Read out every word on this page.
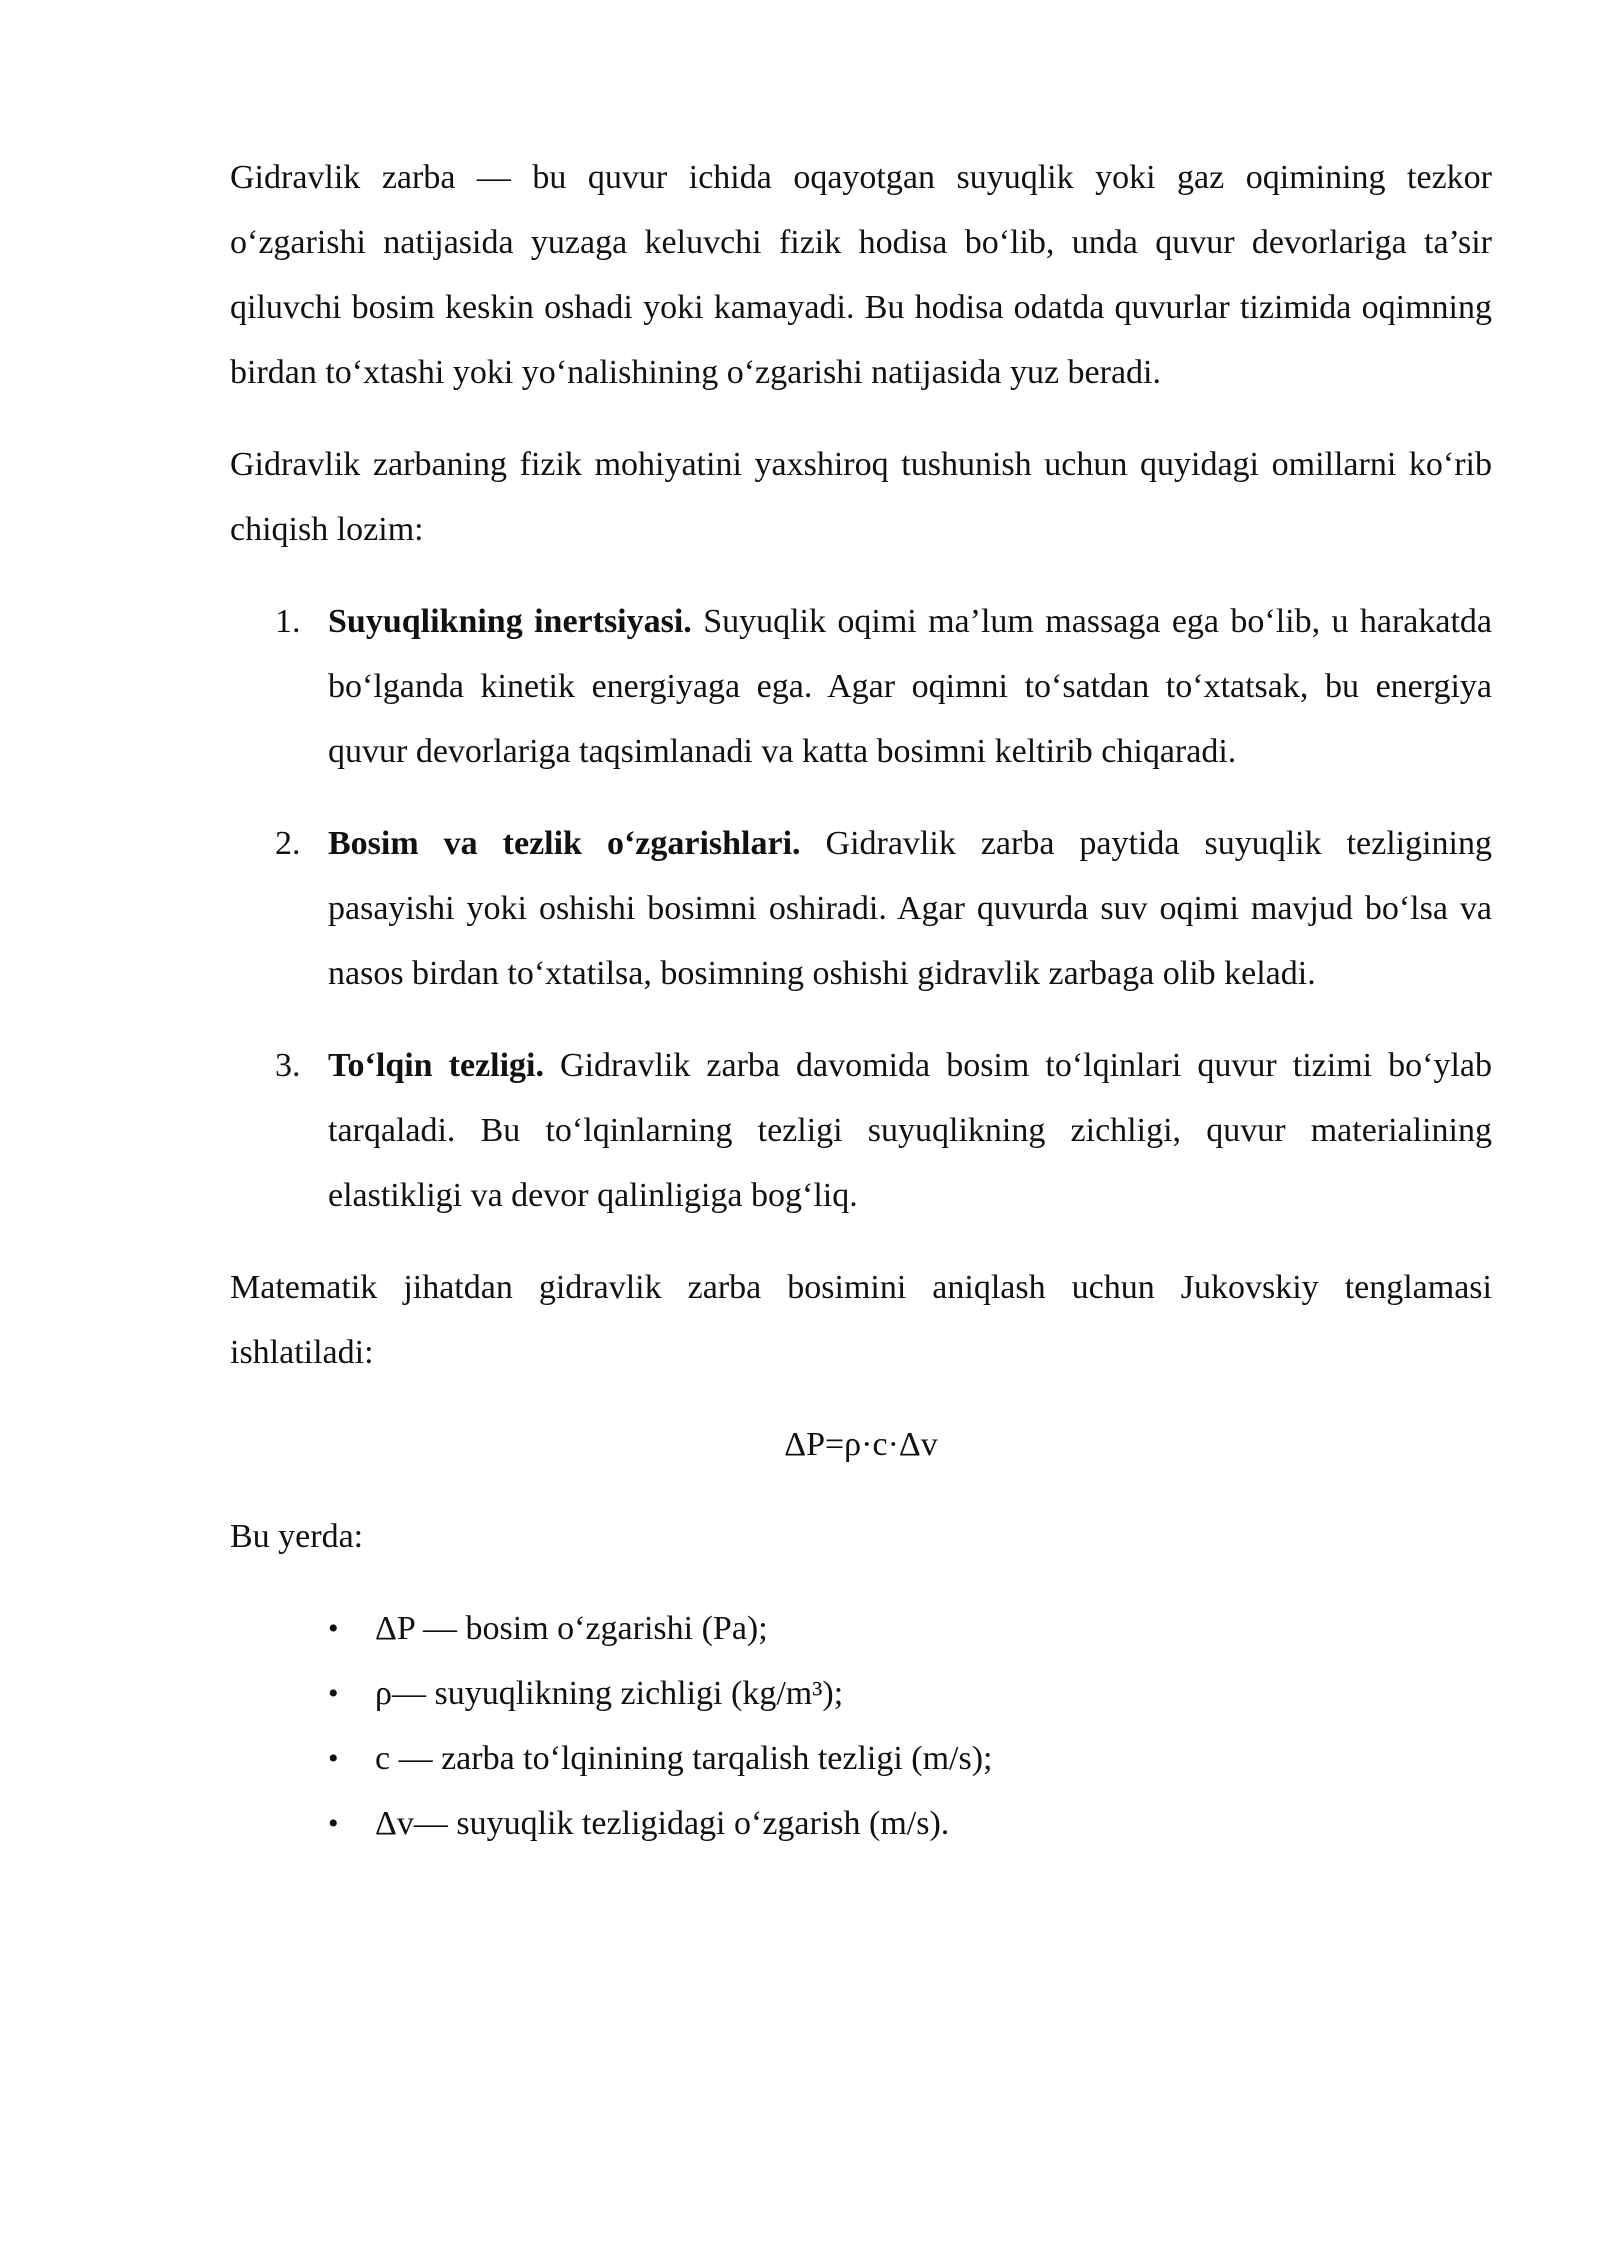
Gidravlik zarba — bu quvur ichida oqayotgan suyuqlik yoki gaz oqimining tezkor o‘zgarishi natijasida yuzaga keluvchi fizik hodisa bo‘lib, unda quvur devorlariga ta’sir qiluvchi bosim keskin oshadi yoki kamayadi. Bu hodisa odatda quvurlar tizimida oqimning birdan to‘xtashi yoki yo‘nalishining o‘zgarishi natijasida yuz beradi.

Gidravlik zarbaning fizik mohiyatini yaxshiroq tushunish uchun quyidagi omillarni ko‘rib chiqish lozim:

1. Suyuqlikning inertsiyasi. Suyuqlik oqimi ma’lum massaga ega bo‘lib, u harakatda bo‘lganda kinetik energiyaga ega. Agar oqimni to‘satdan to‘xtatsak, bu energiya quvur devorlariga taqsimlanadi va katta bosimni keltirib chiqaradi.
2. Bosim va tezlik o‘zgarishlari. Gidravlik zarba paytida suyuqlik tezligining pasayishi yoki oshishi bosimni oshiradi. Agar quvurda suv oqimi mavjud bo‘lsa va nasos birdan to‘xtatilsa, bosimning oshishi gidravlik zarbaga olib keladi.
3. To‘lqin tezligi. Gidravlik zarba davomida bosim to‘lqinlari quvur tizimi bo‘ylab tarqaladi. Bu to‘lqinlarning tezligi suyuqlikning zichligi, quvur materialining elastikligi va devor qalinligiga bog‘liq.

Matematik jihatdan gidravlik zarba bosimini aniqlash uchun Jukovskiy tenglamasi ishlatiladi:

ΔP=ρ·c·Δv

Bu yerda:

• ΔP — bosim o‘zgarishi (Pa);
• ρ— suyuqlikning zichligi (kg/m³);
• c — zarba to‘lqinining tarqalish tezligi (m/s);
• Δv— suyuqlik tezligidagi o‘zgarish (m/s).
